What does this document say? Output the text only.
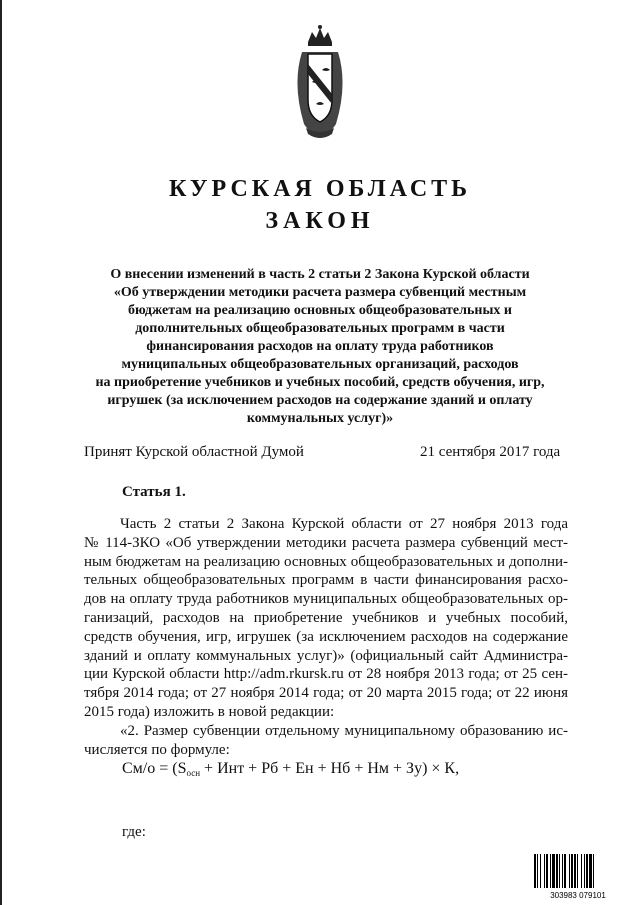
КУРСКАЯ ОБЛАСТЬ
ЗАКОН
О внесении изменений в часть 2 статьи 2 Закона Курской области
«Об утверждении методики расчета размера субвенций местным
бюджетам на реализацию основных общеобразовательных и
дополнительных общеобразовательных программ в части
финансирования расходов на оплату труда работников
муниципальных общеобразовательных организаций, расходов
на приобретение учебников и учебных пособий, средств обучения, игр,
игрушек (за исключением расходов на содержание зданий и оплату
коммунальных услуг)»
Принят Курской областной Думой	21 сентября 2017 года
Статья 1.
Часть 2 статьи 2 Закона Курской области от 27 ноября 2013 года
№ 114-ЗКО «Об утверждении методики расчета размера субвенций мест-
ным бюджетам на реализацию основных общеобразовательных и дополни-
тельных общеобразовательных программ в части финансирования расхо-
дов на оплату труда работников муниципальных общеобразовательных ор-
ганизаций, расходов на приобретение учебников и учебных пособий,
средств обучения, игр, игрушек (за исключением расходов на содержание
зданий и оплату коммунальных услуг)» (официальный сайт Администра-
ции Курской области http://adm.rkursk.ru от 28 ноября 2013 года; от 25 сен-
тября 2014 года; от 27 ноября 2014 года; от 20 марта 2015 года; от 22 июня
2015 года) изложить в новой редакции:
«2. Размер субвенции отдельному муниципальному образованию ис-
числяется по формуле:
$См/о = (S_{осн}$ + Инт + Рб + Ен + Нб + Нм + Зу) × К,
где:
303983 079101
